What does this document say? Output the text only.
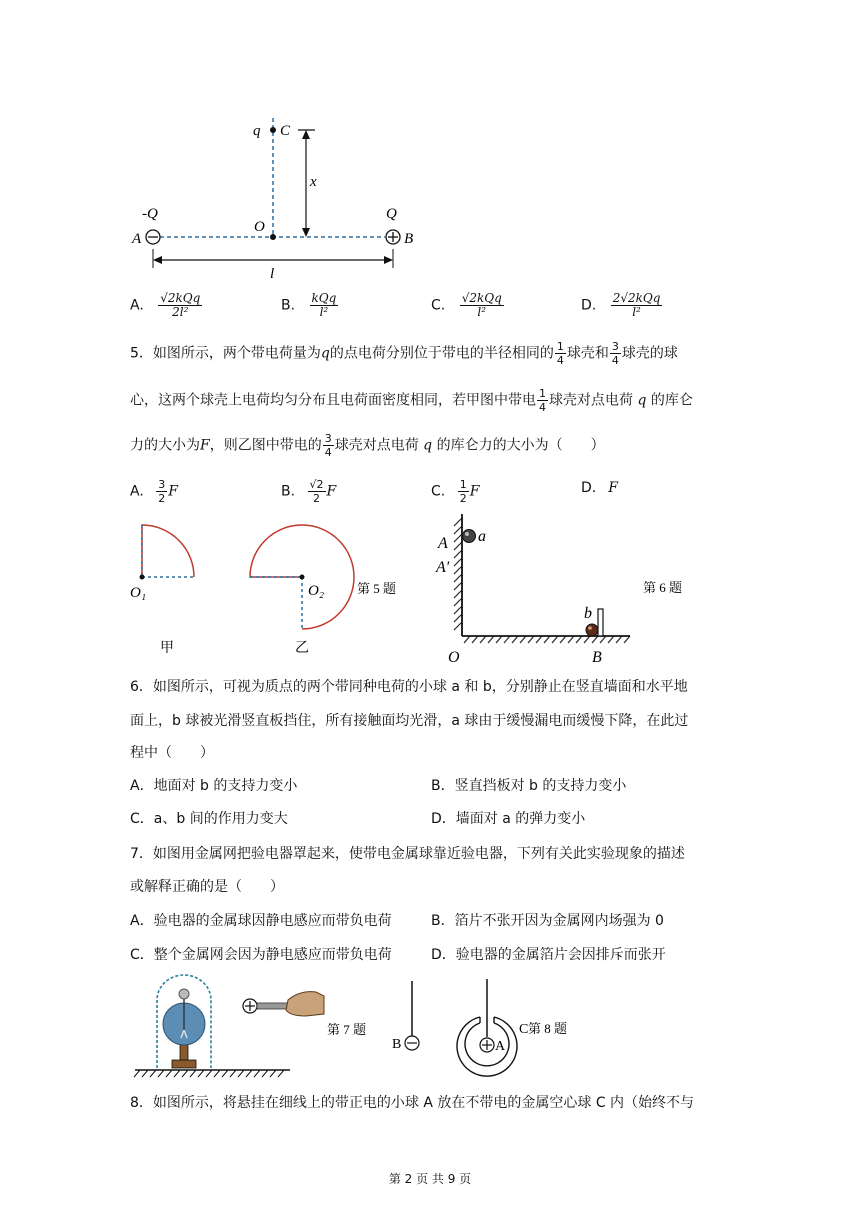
q C
x
-Q
A
O
Q
B
l
A. $\frac{\text{√2kQq}}{\text{2l²}}$	B. $\frac{\text{kQq}}{\text{l²}}$	C. $\frac{\text{√2kQq}}{\text{l²}}$	D. $\frac{\text{2√2kQq}}{\text{l²}}$
5．如图所示，两个带电荷量为q的点电荷分别位于带电的半径相同的 $\frac{1}{4}$ 球壳和 $\frac{3}{4}$ 球壳的球
心，这两个球壳上电荷均匀分布且电荷面密度相同，若甲图中带电 $\frac{1}{4}$ 球壳对点电荷 q 的库仑
力的大小为F，则乙图中带电的 $\frac{3}{4}$ 球壳对点电荷 q 的库仑力的大小为（　　）
A. $\frac{3}{2}$ F	B. $\frac{√2}{2}$ F	C. $\frac{1}{2}$ F	D. F
O₁	O₂
甲	乙
第 5 题
A a
A′
b
O	B
第 6 题
6．如图所示，可视为质点的两个带同种电荷的小球 a 和 b，分别静止在竖直墙面和水平地
面上，b 球被光滑竖直板挡住，所有接触面均光滑，a 球由于缓慢漏电而缓慢下降，在此过
程中（　　）
A．地面对 b 的支持力变小	B．竖直挡板对 b 的支持力变小
C．a、b 间的作用力变大	D．墙面对 a 的弹力变小
7．如图用金属网把验电器罩起来，使带电金属球靠近验电器，下列有关此实验现象的描述
或解释正确的是（　　）
A．验电器的金属球因静电感应而带负电荷	B．箔片不张开因为金属网内场强为 0
C．整个金属网会因为静电感应而带负电荷	D．验电器的金属箔片会因排斥而张开
第 7 题
B	A
C 第 8 题
8．如图所示，将悬挂在细线上的带正电的小球 A 放在不带电的金属空心球 C 内（始终不与
第 2 页 共 9 页
